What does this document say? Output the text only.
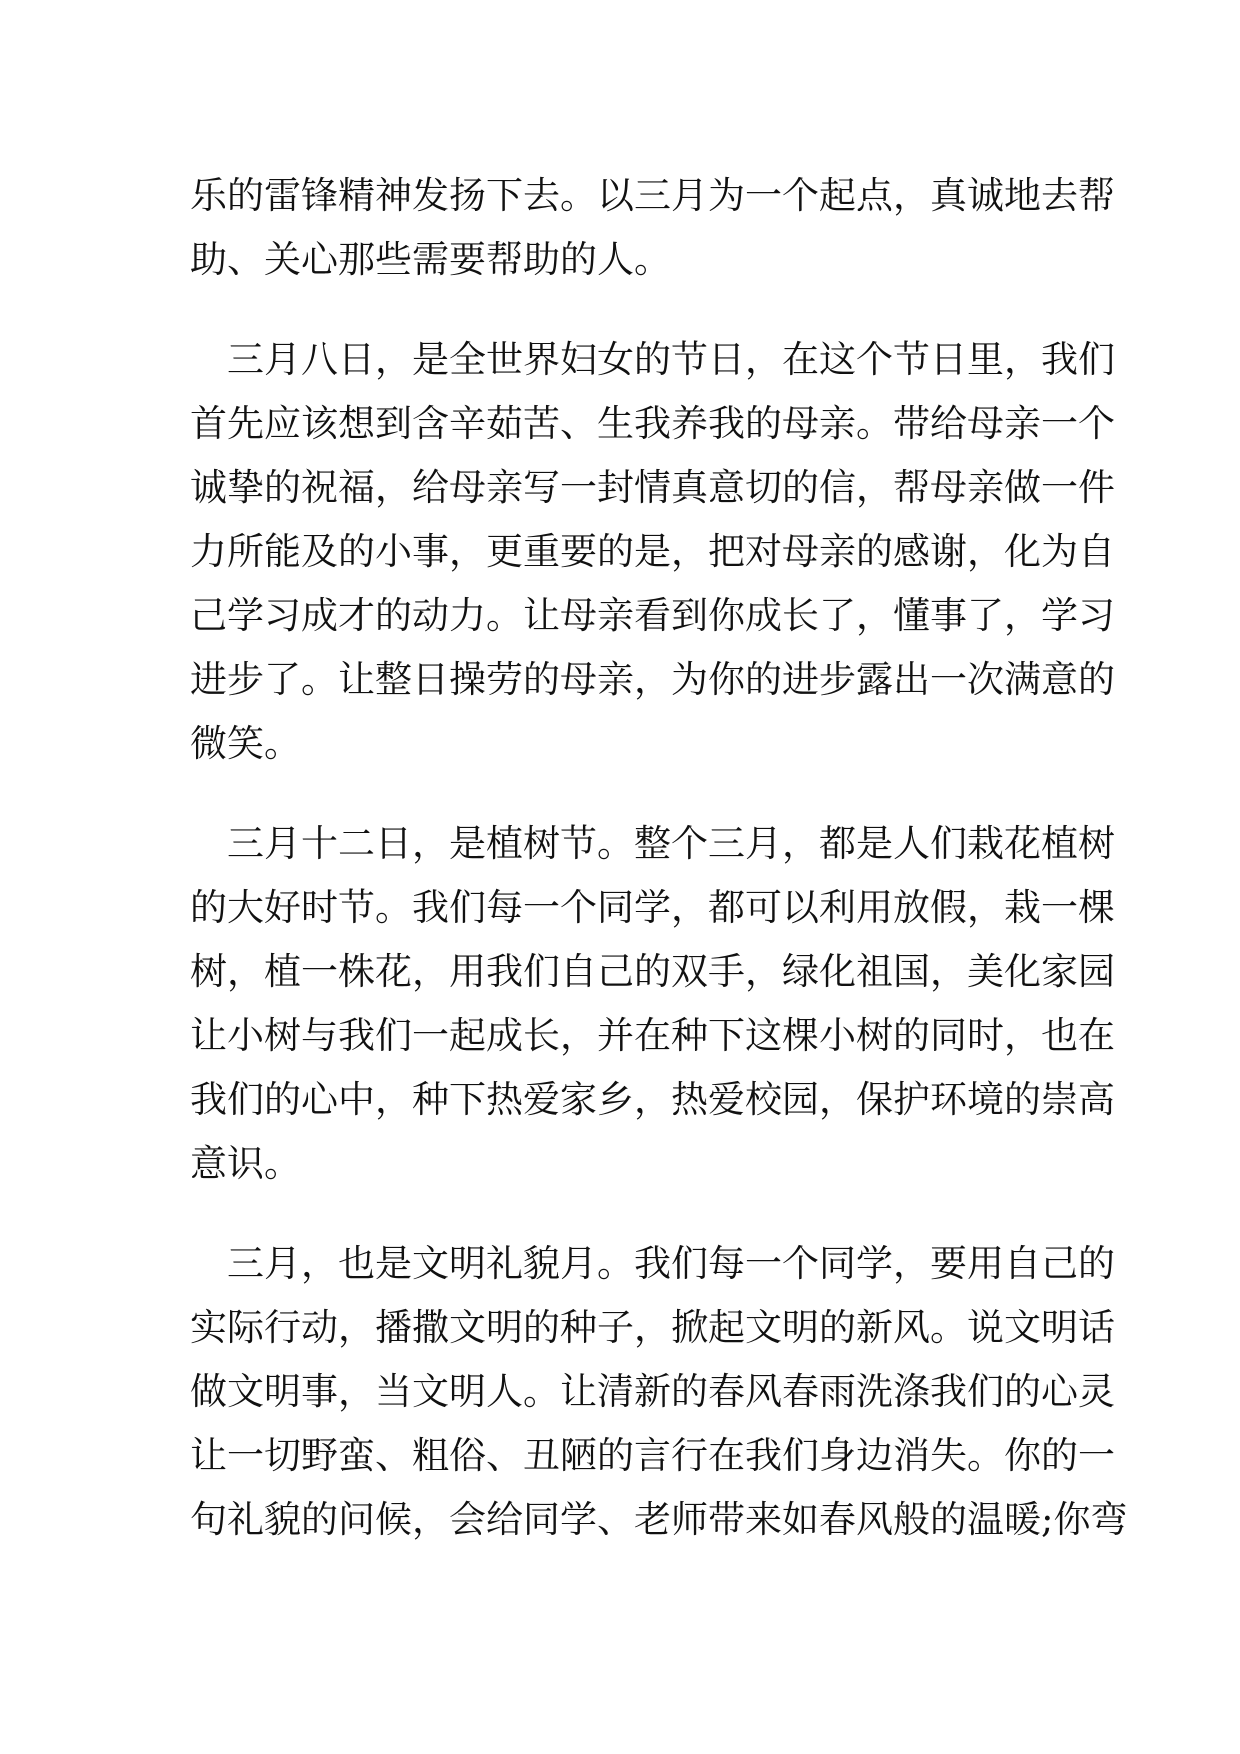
乐的雷锋精神发扬下去。以三月为一个起点，真诚地去帮
助、关心那些需要帮助的人。
　三月八日，是全世界妇女的节日，在这个节日里，我们
首先应该想到含辛茹苦、生我养我的母亲。带给母亲一个
诚挚的祝福，给母亲写一封情真意切的信，帮母亲做一件
力所能及的小事，更重要的是，把对母亲的感谢，化为自
己学习成才的动力。让母亲看到你成长了，懂事了，学习
进步了。让整日操劳的母亲，为你的进步露出一次满意的
微笑。
　三月十二日，是植树节。整个三月，都是人们栽花植树
的大好时节。我们每一个同学，都可以利用放假，栽一棵
树，植一株花，用我们自己的双手，绿化祖国，美化家园
让小树与我们一起成长，并在种下这棵小树的同时，也在
我们的心中，种下热爱家乡，热爱校园，保护环境的崇高
意识。
　三月，也是文明礼貌月。我们每一个同学，要用自己的
实际行动，播撒文明的种子，掀起文明的新风。说文明话
做文明事，当文明人。让清新的春风春雨洗涤我们的心灵
让一切野蛮、粗俗、丑陋的言行在我们身边消失。你的一
句礼貌的问候，会给同学、老师带来如春风般的温暖;你弯
